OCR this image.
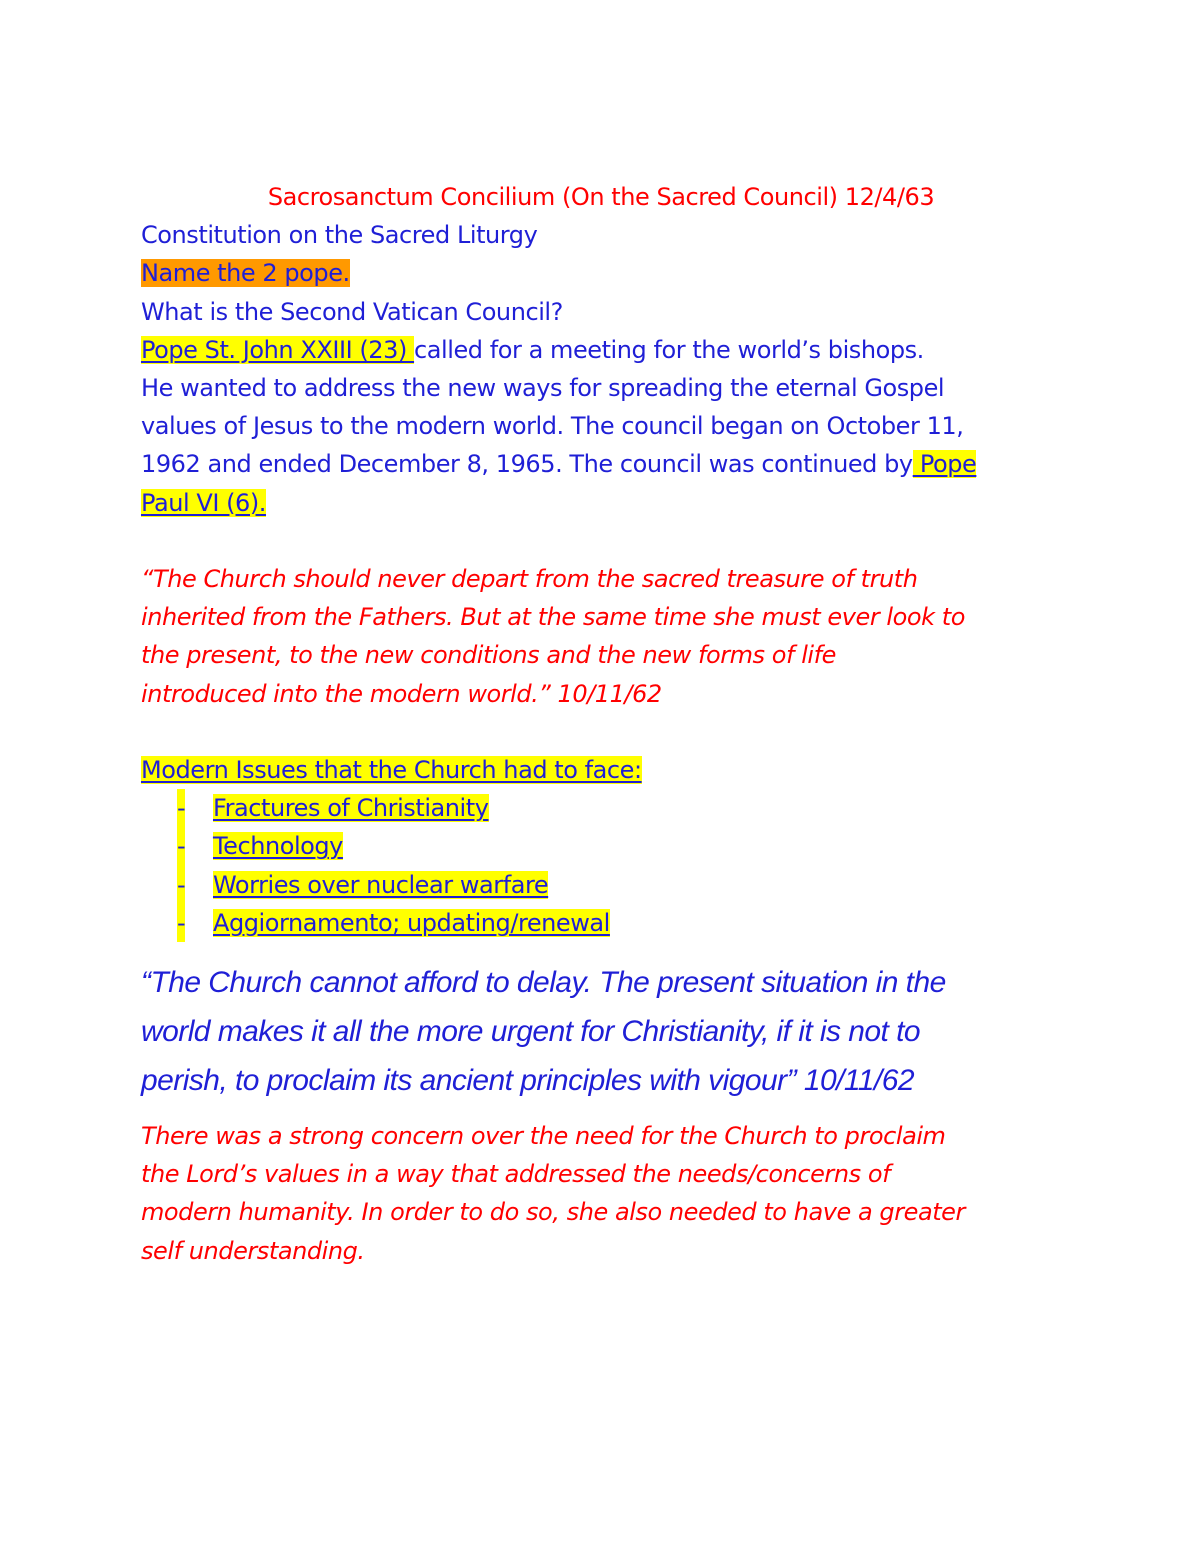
Sacrosanctum Concilium (On the Sacred Council) 12/4/63
Constitution on the Sacred Liturgy
Name the 2 pope.
What is the Second Vatican Council?
Pope St. John XXIII (23) called for a meeting for the world’s bishops.
He wanted to address the new ways for spreading the eternal Gospel
values of Jesus to the modern world. The council began on October 11,
1962 and ended December 8, 1965. The council was continued by Pope
Paul VI (6).
“The Church should never depart from the sacred treasure of truth
inherited from the Fathers. But at the same time she must ever look to
the present, to the new conditions and the new forms of life
introduced into the modern world.” 10/11/62
Modern Issues that the Church had to face:
- Fractures of Christianity
- Technology
- Worries over nuclear warfare
- Aggiornamento; updating/renewal
“The Church cannot afford to delay. The present situation in the
world makes it all the more urgent for Christianity, if it is not to
perish, to proclaim its ancient principles with vigour” 10/11/62
There was a strong concern over the need for the Church to proclaim
the Lord’s values in a way that addressed the needs/concerns of
modern humanity. In order to do so, she also needed to have a greater
self understanding.
